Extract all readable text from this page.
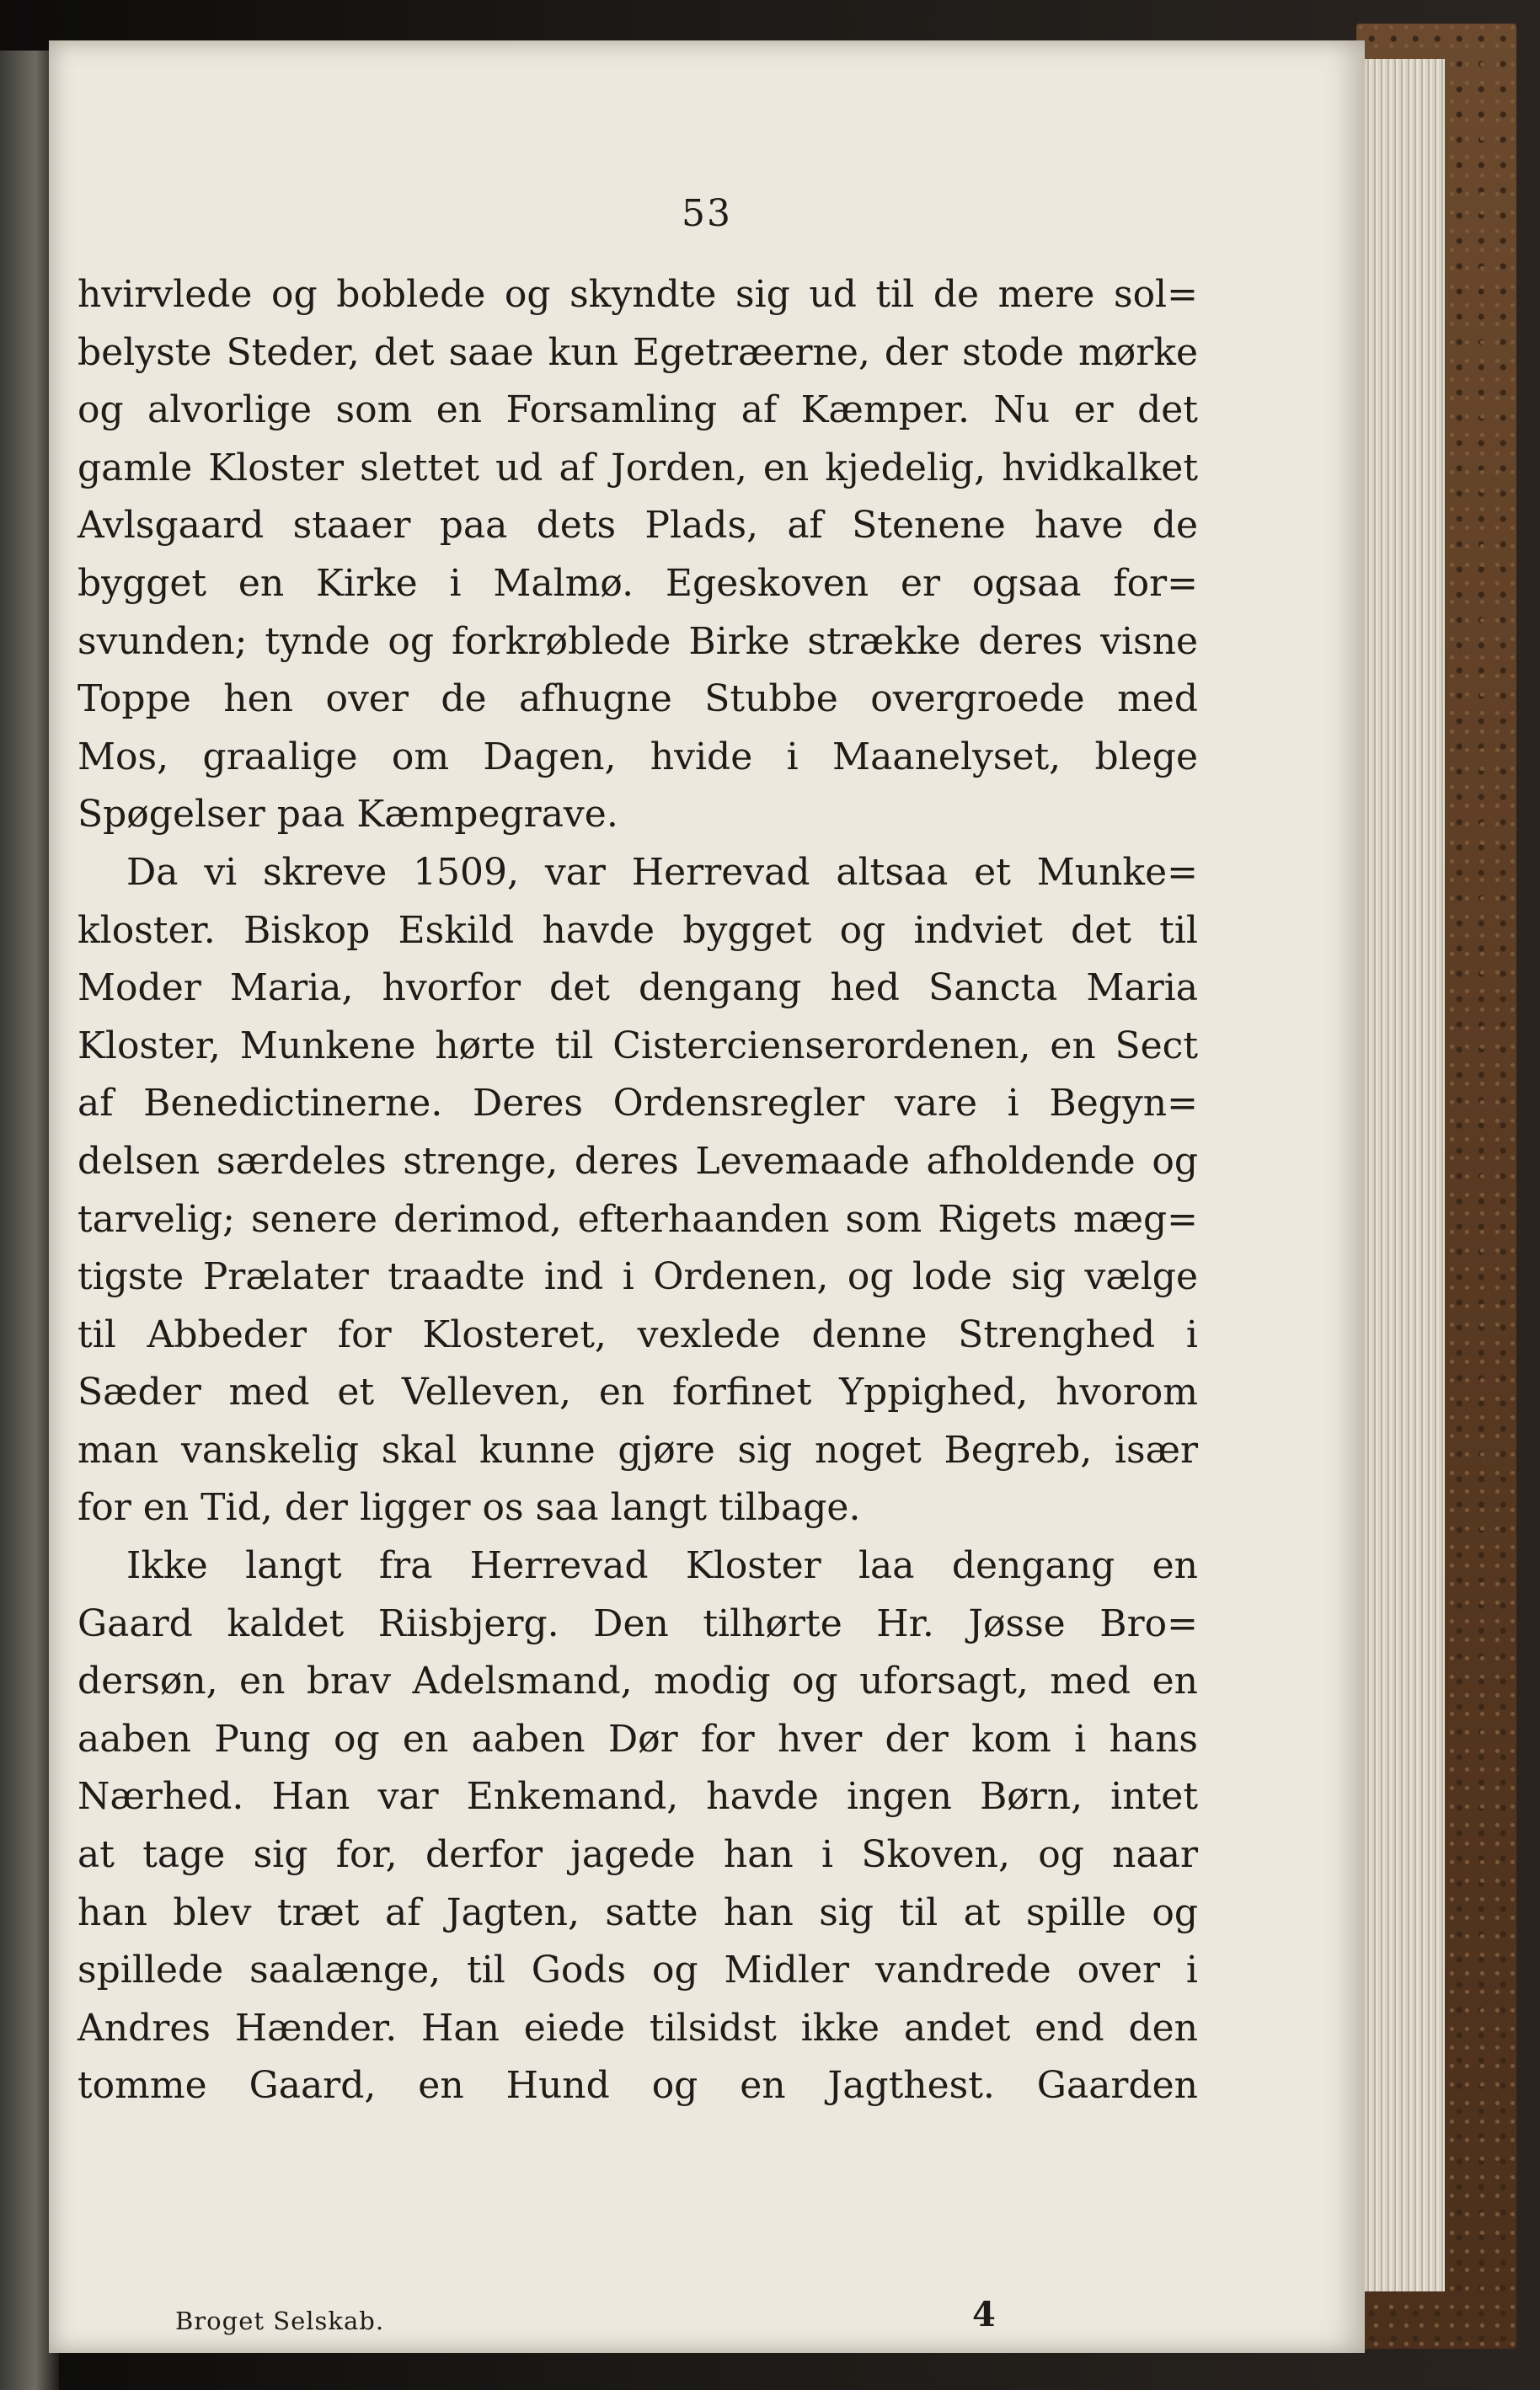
53
hvirvlede og boblede og skyndte sig ud til de mere sol=
belyste Steder, det saae kun Egetræerne, der stode mørke
og alvorlige som en Forsamling af Kæmper. Nu er det
gamle Kloster slettet ud af Jorden, en kjedelig, hvidkalket
Avlsgaard staaer paa dets Plads, af Stenene have de
bygget en Kirke i Malmø. Egeskoven er ogsaa for=
svunden; tynde og forkrøblede Birke strække deres visne
Toppe hen over de afhugne Stubbe overgroede med
Mos, graalige om Dagen, hvide i Maanelyset, blege
Spøgelser paa Kæmpegrave.
Da vi skreve 1509, var Herrevad altsaa et Munke=
kloster. Biskop Eskild havde bygget og indviet det til
Moder Maria, hvorfor det dengang hed Sancta Maria
Kloster, Munkene hørte til Cistercienserordenen, en Sect
af Benedictinerne. Deres Ordensregler vare i Begyn=
delsen særdeles strenge, deres Levemaade afholdende og
tarvelig; senere derimod, efterhaanden som Rigets mæg=
tigste Prælater traadte ind i Ordenen, og lode sig vælge
til Abbeder for Klosteret, vexlede denne Strenghed i
Sæder med et Velleven, en forfinet Yppighed, hvorom
man vanskelig skal kunne gjøre sig noget Begreb, især
for en Tid, der ligger os saa langt tilbage.
Ikke langt fra Herrevad Kloster laa dengang en
Gaard kaldet Riisbjerg. Den tilhørte Hr. Jøsse Bro=
dersøn, en brav Adelsmand, modig og uforsagt, med en
aaben Pung og en aaben Dør for hver der kom i hans
Nærhed. Han var Enkemand, havde ingen Børn, intet
at tage sig for, derfor jagede han i Skoven, og naar
han blev træt af Jagten, satte han sig til at spille og
spillede saalænge, til Gods og Midler vandrede over i
Andres Hænder. Han eiede tilsidst ikke andet end den
tomme Gaard, en Hund og en Jagthest. Gaarden
Broget Selskab.	4
